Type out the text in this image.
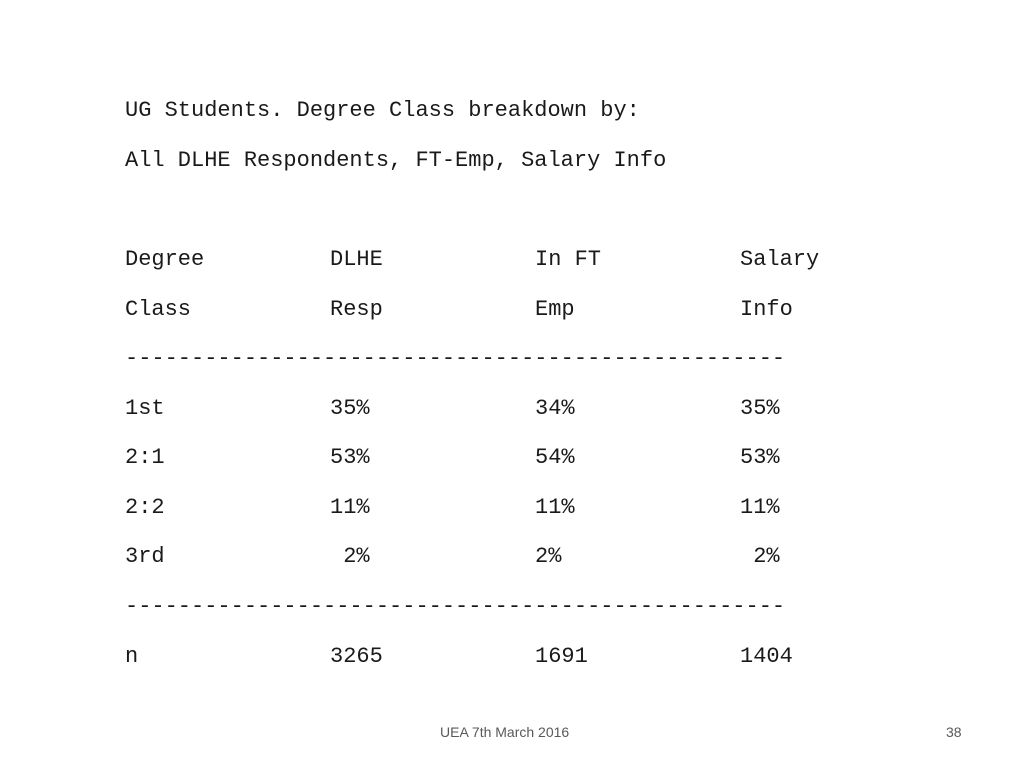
UG Students. Degree Class breakdown by:
All DLHE Respondents, FT-Emp, Salary Info
Degree	DLHE	In FT	Salary
Class	Resp	Emp	Info
--------------------------------------------------
1st	35%	34%	35%
2:1	53%	54%	53%
2:2	11%	11%	11%
3rd	2%	2%	2%
--------------------------------------------------
n	3265	1691	1404
UEA 7th March 2016	38
